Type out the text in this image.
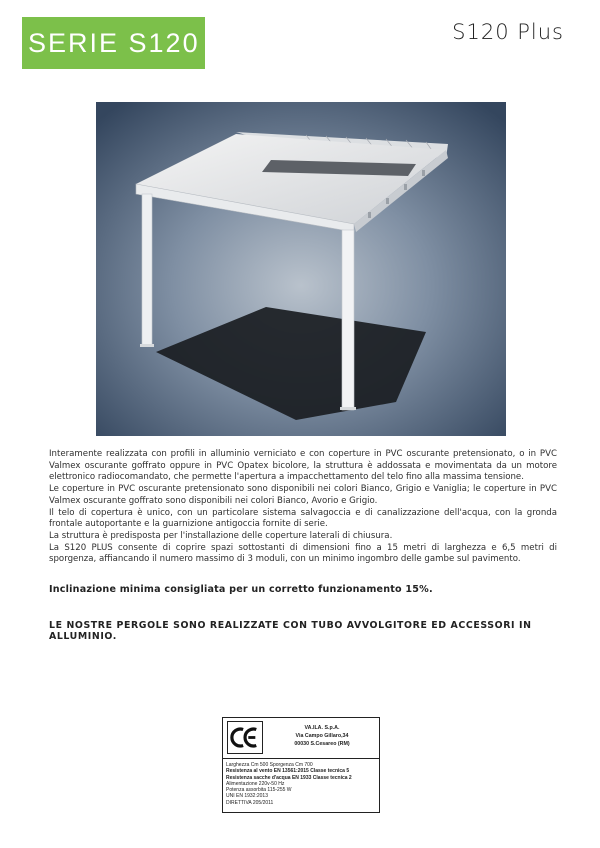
SERIE S120	S120 Plus

Interamente realizzata con profili in alluminio verniciato e con coperture in PVC oscurante pretensionato, o in PVC Valmex oscurante goffrato oppure in PVC Opatex bicolore, la struttura è addossata e movimentata da un motore elettronico radiocomandato, che permette l'apertura a impacchettamento del telo fino alla massima tensione.

Le coperture in PVC oscurante pretensionato sono disponibili nei colori Bianco, Grigio e Vaniglia; le coperture in PVC Valmex oscurante goffrato sono disponibili nei colori Bianco, Avorio e Grigio.

Il telo di copertura è unico, con un particolare sistema salvagoccia e di canalizzazione dell'acqua, con la gronda frontale autoportante e la guarnizione antigoccia fornite di serie.

La struttura è predisposta per l'installazione delle coperture laterali di chiusura.

La S120 PLUS consente di coprire spazi sottostanti di dimensioni fino a 15 metri di larghezza e 6,5 metri di sporgenza, affiancando il numero massimo di 3 moduli, con un minimo ingombro delle gambe sul pavimento.

Inclinazione minima consigliata per un corretto funzionamento 15%.
LE NOSTRE PERGOLE SONO REALIZZATE CON TUBO AVVOLGITORE ED ACCESSORI IN ALLUMINIO.
VA.ILA. S.p.A.
Via Campo Gillaro,34
00030 S.Cesareo (RM)
Larghezza Cm 500 Sporgenza Cm 700
Resistenza al vento EN 13561:2015 Classe tecnica 5
Resistenza sacche d'acqua EN 1933 Classe tecnica 2
Alimentazione 220v-50 Hz
Potenza assorbita 115-255 W
UNI EN 1932:2013
DIRETTIVA 205/2011
